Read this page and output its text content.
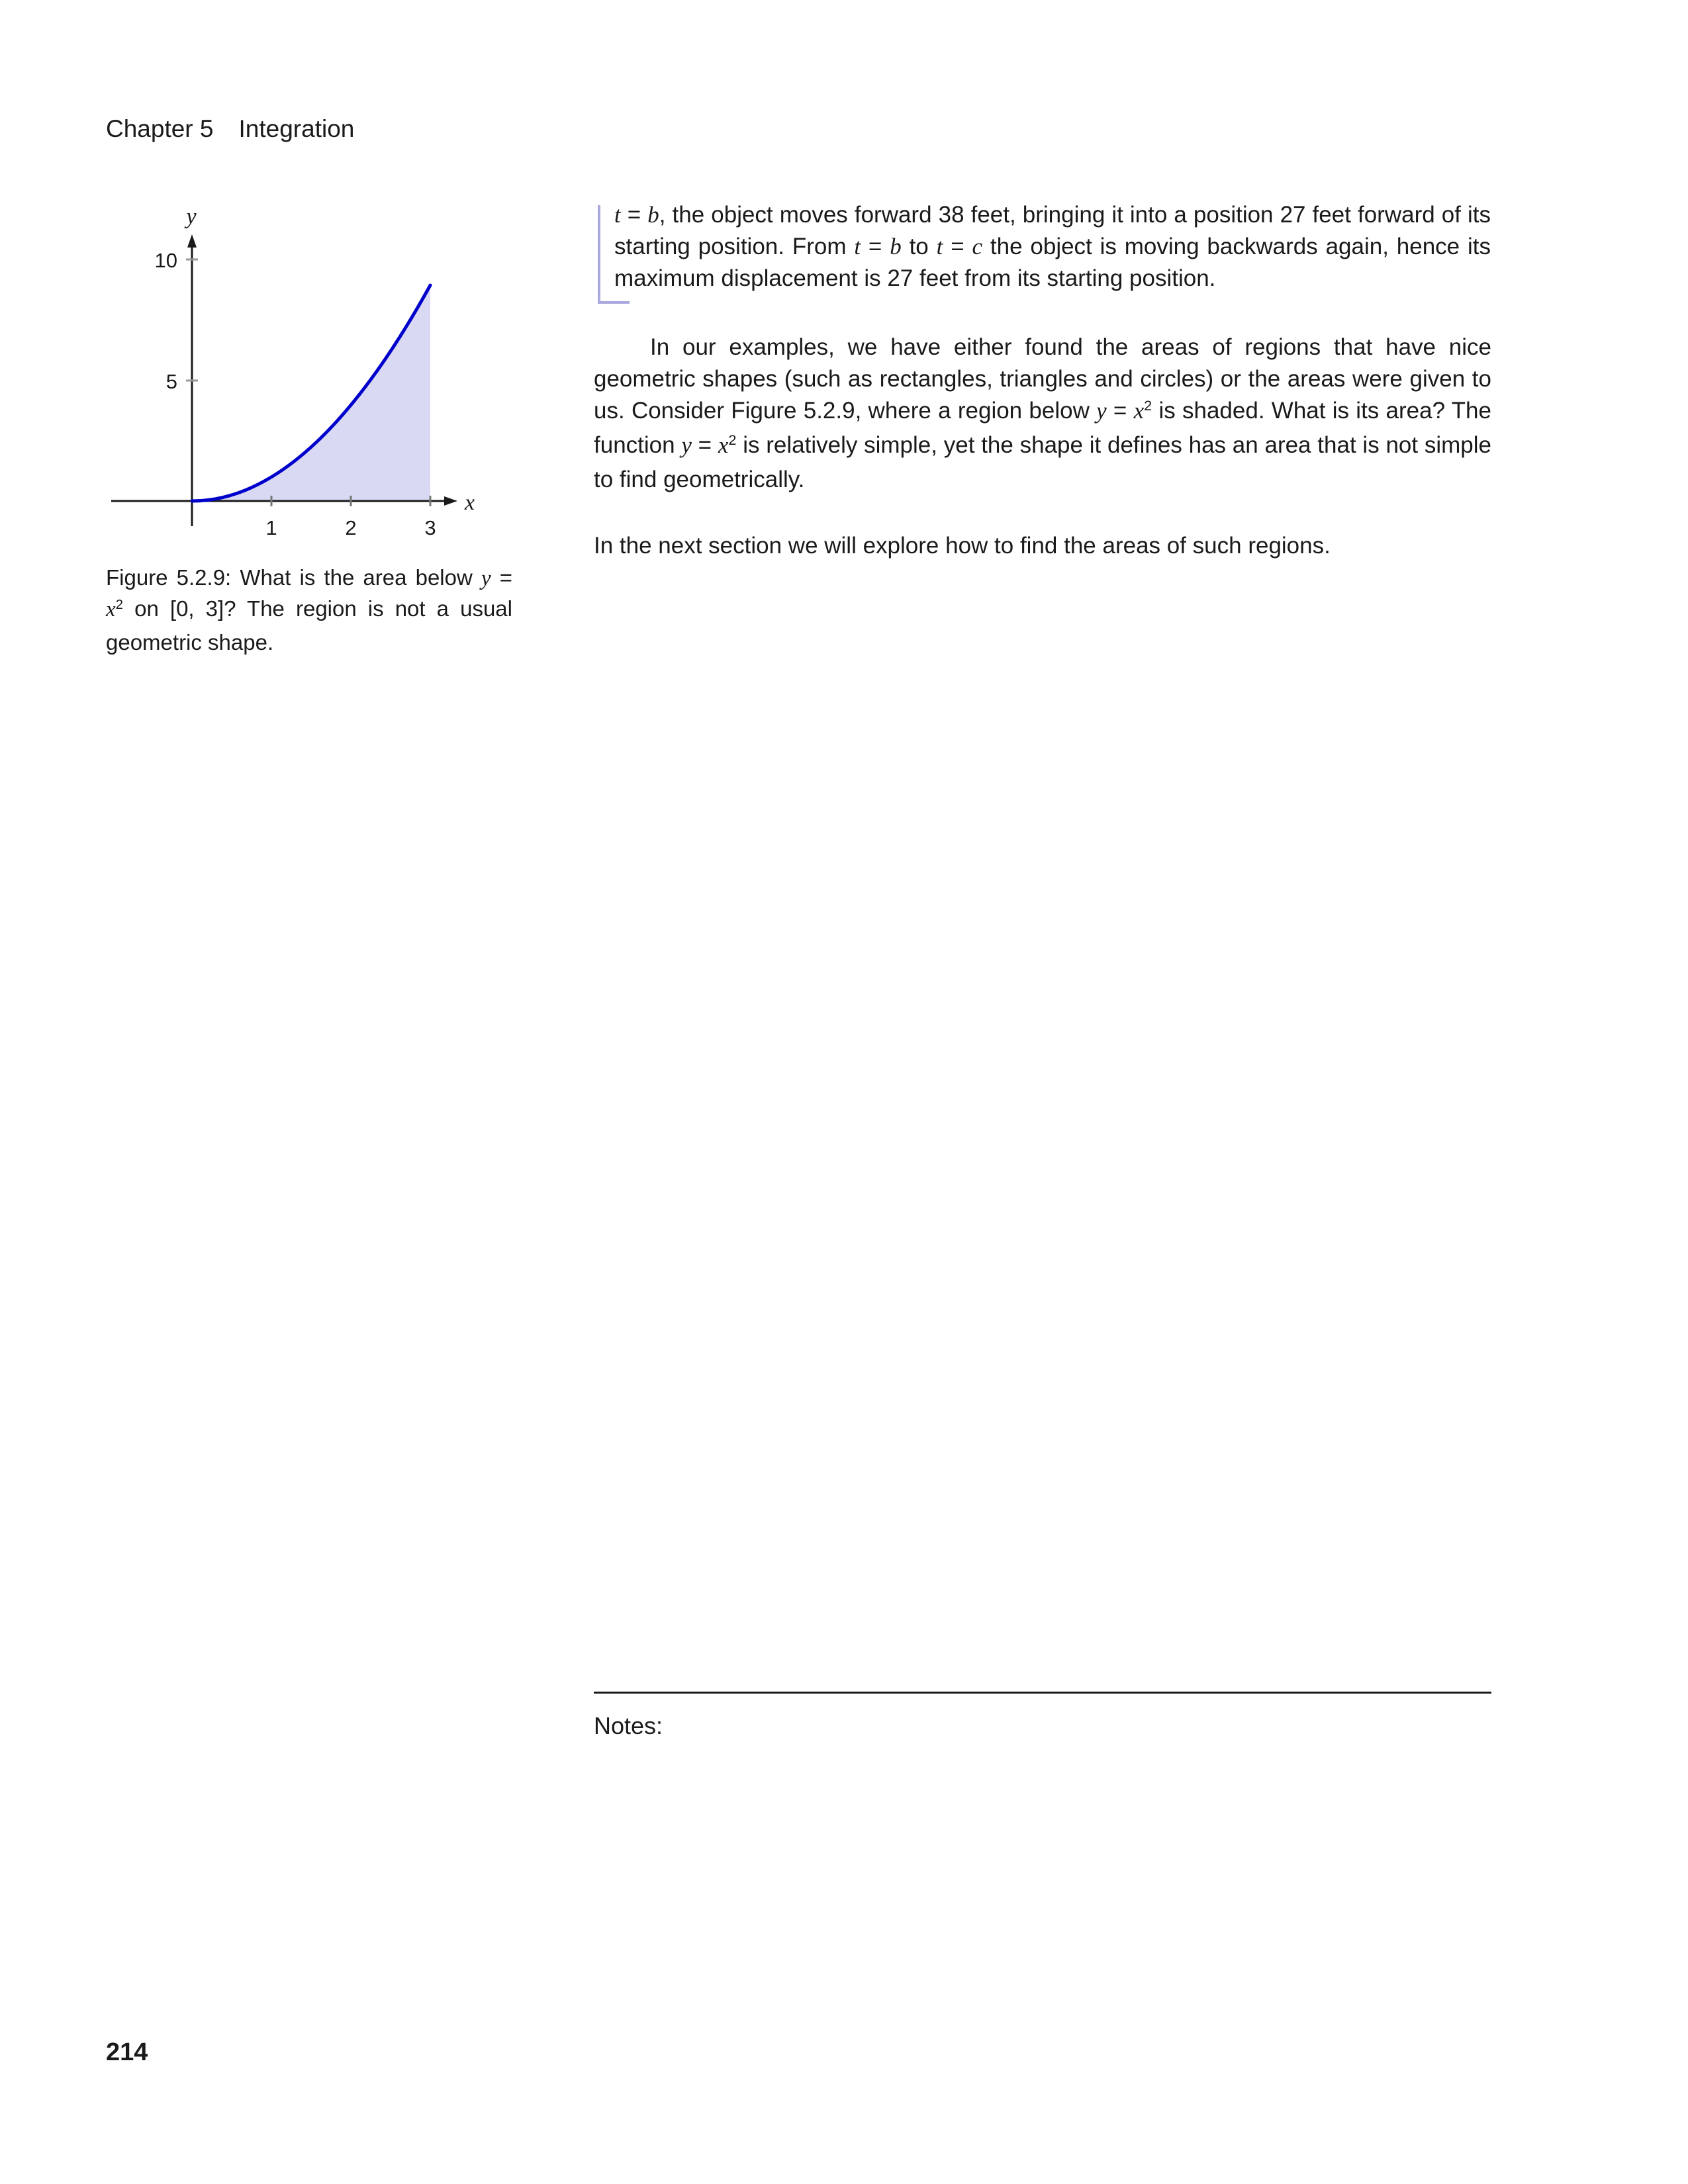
Chapter 5 Integration
10
5
1	2	3
x
y
Figure 5.2.9: What is the area below $y = x^2$ on [0, 3]? The region is not a usual geometric shape.
t = b, the object moves forward 38 feet, bringing it into a position 27 feet forward of its starting position. From t = b to t = c the object is moving backwards again, hence its maximum displacement is 27 feet from its starting position.
In our examples, we have either found the areas of regions that have nice geometric shapes (such as rectangles, triangles and circles) or the areas were given to us. Consider Figure 5.2.9, where a region below $y = x^2$ is shaded. What is its area? The function $y = x^2$ is relatively simple, yet the shape it defines has an area that is not simple to find geometrically.
In the next section we will explore how to find the areas of such regions.
Notes:
214
